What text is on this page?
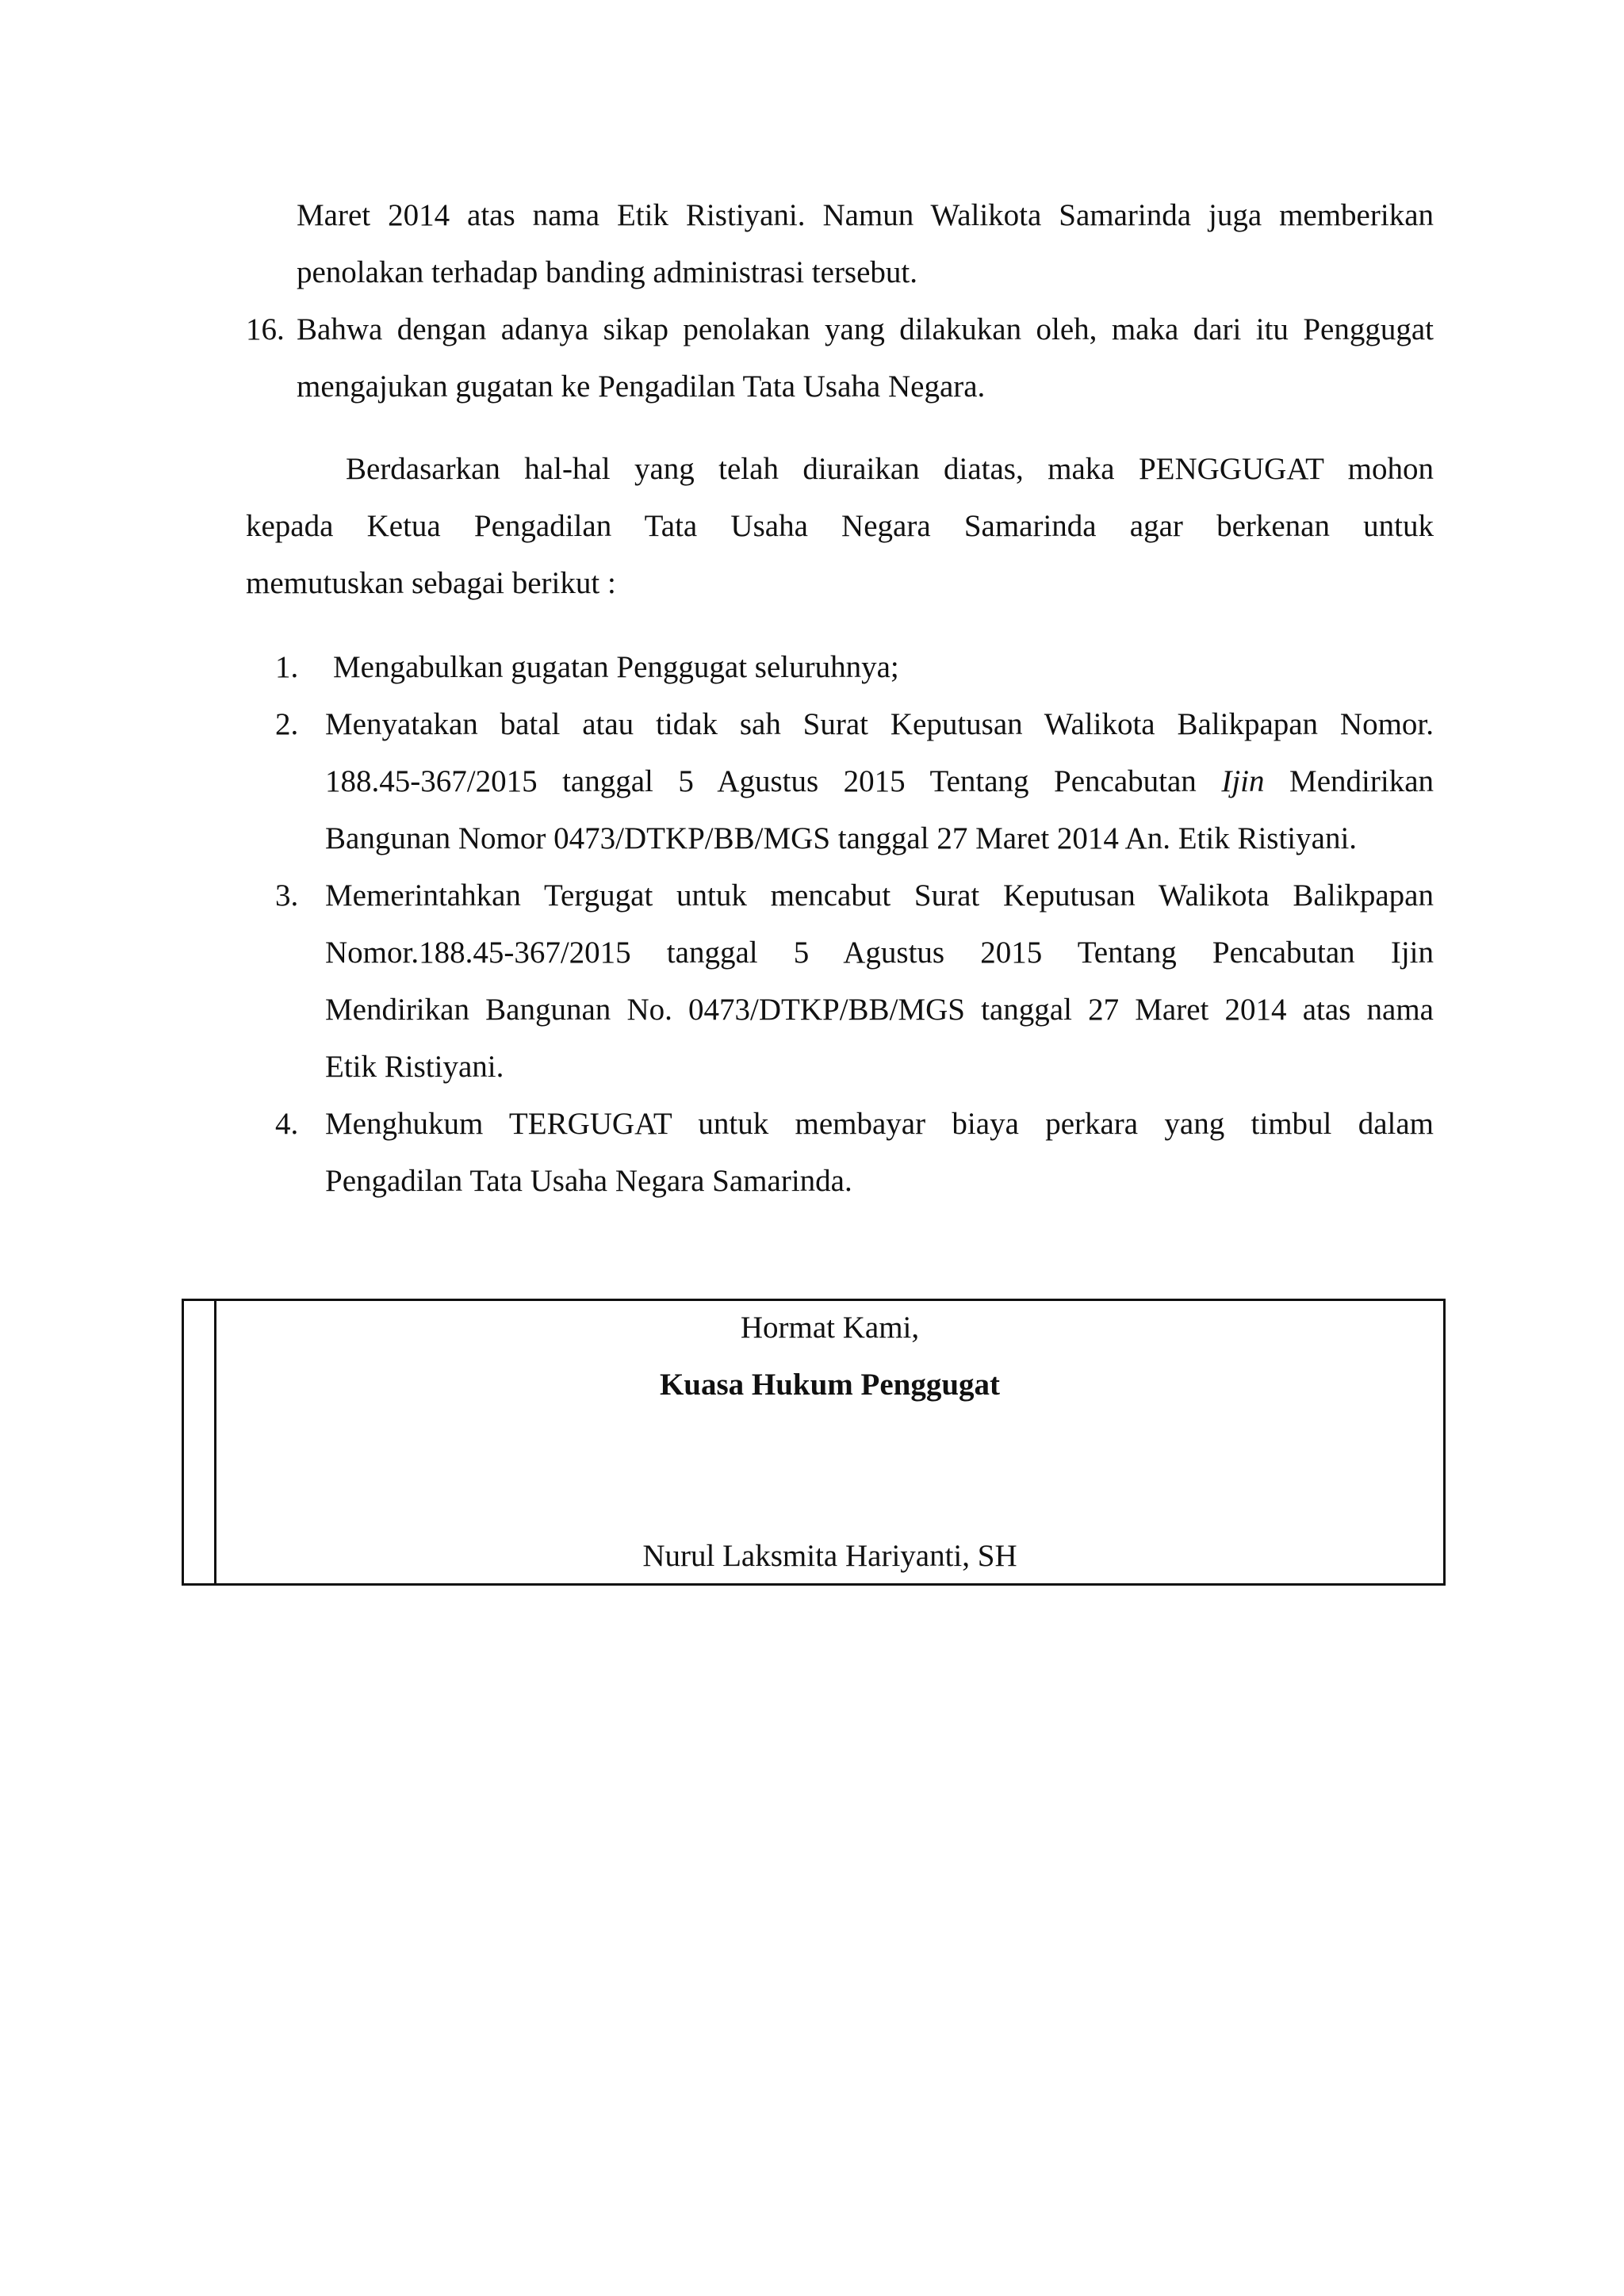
Maret 2014 atas nama Etik Ristiyani. Namun Walikota Samarinda juga memberikan
penolakan terhadap banding administrasi tersebut.
16. Bahwa dengan adanya sikap penolakan yang dilakukan oleh, maka dari itu Penggugat
mengajukan gugatan ke Pengadilan Tata Usaha Negara.
Berdasarkan hal-hal yang telah diuraikan diatas, maka PENGGUGAT mohon
kepada Ketua Pengadilan Tata Usaha Negara Samarinda agar berkenan untuk
memutuskan sebagai berikut :
1. Mengabulkan gugatan Penggugat seluruhnya;
2. Menyatakan batal atau tidak sah Surat Keputusan Walikota Balikpapan Nomor.
188.45-367/2015 tanggal 5 Agustus 2015 Tentang Pencabutan Ijin Mendirikan
Bangunan Nomor 0473/DTKP/BB/MGS tanggal 27 Maret 2014 An. Etik Ristiyani.
3. Memerintahkan Tergugat untuk mencabut Surat Keputusan Walikota Balikpapan
Nomor.188.45-367/2015 tanggal 5 Agustus 2015 Tentang Pencabutan Ijin
Mendirikan Bangunan No. 0473/DTKP/BB/MGS tanggal 27 Maret 2014 atas nama
Etik Ristiyani.
4. Menghukum TERGUGAT untuk membayar biaya perkara yang timbul dalam
Pengadilan Tata Usaha Negara Samarinda.
Hormat Kami,
Kuasa Hukum Penggugat
Nurul Laksmita Hariyanti, SH
